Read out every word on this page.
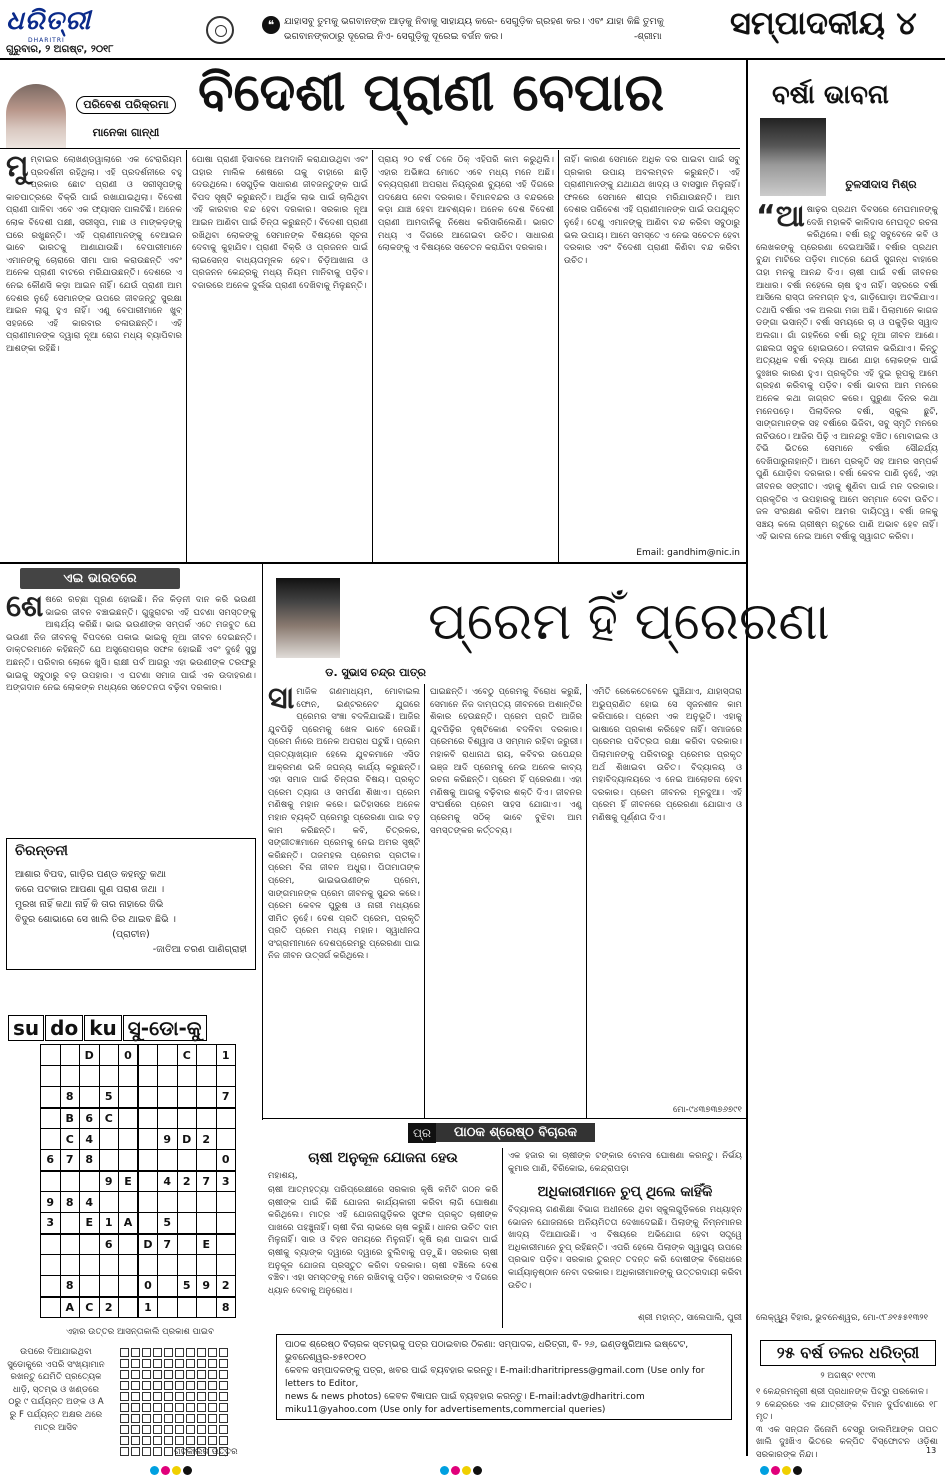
ଧରିତ୍ରୀ
DHARITRI
ଗୁରୁବାର, ୨ ଅଗଷ୍ଟ, ୨୦୧୮
❝	ଯାହାସବୁ ତୁମକୁ ଭଗବାନଙ୍କ ଆଡ଼କୁ ନିବାକୁ ସାହାଯ୍ୟ କରେ- ସେଗୁଡ଼ିକ ଗ୍ରହଣ କର। ଏବଂ ଯାହା କିଛି ତୁମକୁ ଭଗବାନଙ୍କଠାରୁ ଦୂରେଇ ନିଏ- ସେଗୁଡ଼ିକୁ ଦୂରେଇ ବର୍ଜନ କର।	-ଶ୍ରୀମା ସମ୍ପାଦକୀୟ ୪
ପରିବେଶ ପରିକ୍ରମା
ମାନେକା ଗାନ୍ଧୀ
ବିଦେଶୀ ପ୍ରାଣୀ ବେପାର
ମୁମ୍ବାଇର ଲୋଖଣ୍ଡୱାଲାରେ ଏକ ଟେରାରିୟମ ପ୍ରଦର୍ଶନୀ ରହିଥିଲା। ଏହି ପ୍ରଦର୍ଶନୀରେ ବହୁ ପ୍ରକାର ଛୋଟ ପ୍ରାଣୀ ଓ ସରୀସୃପଙ୍କୁ କାଚପାତ୍ରରେ ବିକ୍ରି ପାଇଁ ରଖାଯାଇଥିଲା। ବିଦେଶୀ ପ୍ରାଣୀ ପାଳିବା ଏବେ ଏକ ଫ୍ୟାସନ ପାଲଟିଛି। ଅନେକ ଲୋକ ବିଦେଶୀ ପକ୍ଷୀ, ସରୀସୃପ, ମାଛ ଓ ମାଙ୍କଡ଼ଙ୍କୁ ଘରେ ରଖୁଛନ୍ତି। ଏହି ପ୍ରାଣୀମାନଙ୍କୁ ବେଆଇନ ଭାବେ ଭାରତକୁ ଆଣାଯାଉଛି। ବେପାରୀମାନେ ଏମାନଙ୍କୁ ଚୋରାରେ ସୀମା ପାର କରାଉଛନ୍ତି ଏବଂ ଅନେକ ପ୍ରାଣୀ ବାଟରେ ମରିଯାଉଛନ୍ତି। ଦେଶରେ ଏ ନେଇ କୌଣସି କଡ଼ା ଆଇନ ନାହିଁ। ଯେଉଁ ପ୍ରାଣୀ ଆମ ଦେଶର ନୁହେଁ ସେମାନଙ୍କ ଉପରେ ଜୀବଜନ୍ତୁ ସୁରକ୍ଷା ଆଇନ ଲାଗୁ ହୁଏ ନାହିଁ। ଏଣୁ ବେପାରୀମାନେ ଖୁବ୍ ସହଜରେ ଏହି କାରବାର ଚଳାଉଛନ୍ତି। ଏହି ପ୍ରାଣୀମାନଙ୍କ ଦ୍ୱାରା ନୂଆ ରୋଗ ମଧ୍ୟ ବ୍ୟାପିବାର ଆଶଙ୍କା ରହିଛି।
ପୋଷା ପ୍ରାଣୀ ହିସାବରେ ଆମଦାନି କରାଯାଉଥିବା ଏବଂ ତାହାର ମାଲିକ ଶେଷରେ ତାକୁ ବାହାରେ ଛାଡ଼ି ଦେଉଥିଲେ। ସେଗୁଡ଼ିକ ସାଧାରଣ ଜୀବଜନ୍ତୁଙ୍କ ପାଇଁ ବିପଦ ସୃଷ୍ଟି କରୁଛନ୍ତି। ଆର୍ଥିକ ଲାଭ ପାଇଁ ଚାଲିଥିବା ଏହି କାରବାର ବନ୍ଦ ହେବା ଦରକାର। ସରକାର ନୂଆ ଆଇନ ଆଣିବା ପାଇଁ ଚିନ୍ତା କରୁଛନ୍ତି। ବିଦେଶୀ ପ୍ରାଣୀ ରଖିଥିବା ଲୋକଙ୍କୁ ସେମାନଙ୍କ ବିଷୟରେ ସୂଚନା ଦେବାକୁ କୁହାଯିବ। ପ୍ରାଣୀ ବିକ୍ରି ଓ ପ୍ରଜନନ ପାଇଁ ଲାଇସେନ୍ସ ବାଧ୍ୟତାମୂଳକ ହେବ। ଚିଡ଼ିଆଖାନା ଓ ପ୍ରଜନନ କେନ୍ଦ୍ରକୁ ମଧ୍ୟ ନିୟମ ମାନିବାକୁ ପଡ଼ିବ। ବଜାରରେ ଅନେକ ଦୁର୍ଲଭ ପ୍ରାଣୀ ଦେଖିବାକୁ ମିଳୁଛନ୍ତି।
ପ୍ରାୟ ୨୦ ବର୍ଷ ତଳେ ଠିକ୍ ଏହିପରି କାମ କରୁଥିଲି। ଏହାର ଅଭିଜ୍ଞତା ମୋତେ ଏବେ ମଧ୍ୟ ମନେ ଅଛି। ବନ୍ୟପ୍ରାଣୀ ଅପରାଧ ନିୟନ୍ତ୍ରଣ ବ୍ୟୁରୋ ଏହି ଦିଗରେ ପଦକ୍ଷେପ ନେବା ଦରକାର। ବିମାନବନ୍ଦର ଓ ବନ୍ଦରରେ କଡ଼ା ଯାଞ୍ଚ ହେବା ଆବଶ୍ୟକ। ଅନେକ ଦେଶ ବିଦେଶୀ ପ୍ରାଣୀ ଆମଦାନିକୁ ନିଷେଧ କରିସାରିଲେଣି। ଭାରତ ମଧ୍ୟ ଏ ଦିଗରେ ଆଗେଇବା ଉଚିତ। ସାଧାରଣ ଲୋକଙ୍କୁ ଏ ବିଷୟରେ ସଚେତନ କରାଯିବା ଦରକାର।
ନାହିଁ। କାରଣ ସେମାନେ ଅଧିକ ଦର ପାଇବା ପାଇଁ ସବୁ ପ୍ରକାର ଉପାୟ ଅବଲମ୍ବନ କରୁଛନ୍ତି। ଏହି ପ୍ରାଣୀମାନଙ୍କୁ ଯଥାଯଥ ଖାଦ୍ୟ ଓ ବାସସ୍ଥାନ ମିଳୁନାହିଁ। ଫଳରେ ସେମାନେ ଶୀଘ୍ର ମରିଯାଉଛନ୍ତି। ଆମ ଦେଶର ପରିବେଶ ଏହି ପ୍ରାଣୀମାନଙ୍କ ପାଇଁ ଉପଯୁକ୍ତ ନୁହେଁ। ତେଣୁ ଏମାନଙ୍କୁ ଆଣିବା ବନ୍ଦ କରିବା ସବୁଠାରୁ ଭଲ ଉପାୟ। ଆମେ ସମସ୍ତେ ଏ ନେଇ ସଚେତନ ହେବା ଦରକାର ଏବଂ ବିଦେଶୀ ପ୍ରାଣୀ କିଣିବା ବନ୍ଦ କରିବା ଉଚିତ।
Email: gandhim@nic.in
ବର୍ଷା ଭାବନା
ତୁଳସୀଦାସ ମିଶ୍ର
“ଆଷାଢ଼ର ପ୍ରଥମ ଦିବସରେ ମେଘମାନଙ୍କୁ ଦେଖି ମହାକବି କାଳିଦାସ ମେଘଦୂତ ରଚନା କରିଥିଲେ। ବର୍ଷା ଋତୁ ସବୁବେଳେ କବି ଓ ଲେଖକଙ୍କୁ ପ୍ରେରଣା ଦେଇଆସିଛି। ବର୍ଷାର ପ୍ରଥମ ବୁନ୍ଦା ମାଟିରେ ପଡ଼ିବା ମାତ୍ରେ ଯେଉଁ ସୁଗନ୍ଧ ବାହାରେ ତାହା ମନକୁ ଆନନ୍ଦ ଦିଏ। ଚାଷୀ ପାଇଁ ବର୍ଷା ଜୀବନର ଆଧାର। ବର୍ଷା ନହେଲେ ଚାଷ ହୁଏ ନାହିଁ। ସହରରେ ବର୍ଷା ଆସିଲେ ରାସ୍ତା ଜଳମଗ୍ନ ହୁଏ, ଗାଡ଼ିଘୋଡ଼ା ଅଟକିଯାଏ। ତଥାପି ବର୍ଷାର ଏକ ଅଲଗା ମଜା ଅଛି। ପିଲାମାନେ କାଗଜ ଡଙ୍ଗା ଭସାନ୍ତି। ବର୍ଷା ସମୟରେ ଚା ଓ ପକୁଡ଼ିର ସ୍ୱାଦ ଅଲଗା। ଗାଁ ଗହଳିରେ ବର୍ଷା ଋତୁ ନୂଆ ଜୀବନ ଆଣେ। ଗଛଲତା ସବୁଜ ହୋଇଉଠେ। ନଦୀନାଳ ଭରିଯାଏ। କିନ୍ତୁ ଅତ୍ୟଧିକ ବର୍ଷା ବନ୍ୟା ଆଣେ ଯାହା ଲୋକଙ୍କ ପାଇଁ ଦୁଃଖର କାରଣ ହୁଏ। ପ୍ରକୃତିର ଏହି ଦୁଇ ରୂପକୁ ଆମେ ଗ୍ରହଣ କରିବାକୁ ପଡ଼ିବ। ବର୍ଷା ଭାବନା ଆମ ମନରେ ଅନେକ କଥା ଜାଗ୍ରତ କରେ। ପୁରୁଣା ଦିନର କଥା ମନେପଡ଼େ। ପିଲାଦିନର ବର୍ଷା, ସ୍କୁଲ ଛୁଟି, ସାଙ୍ଗମାନଙ୍କ ସହ ବର୍ଷାରେ ଭିଜିବା, ସବୁ ସ୍ମୃତି ମନରେ ନାଚିଉଠେ। ଆଜିର ପିଢ଼ି ଏ ଆନନ୍ଦରୁ ବଞ୍ଚିତ। ମୋବାଇଲ ଓ ଟିଭି ଭିତରେ ସେମାନେ ବର୍ଷାର ସୌନ୍ଦର୍ଯ୍ୟ ଦେଖିପାରୁନାହାନ୍ତି। ଆମେ ପ୍ରକୃତି ସହ ଆମର ସମ୍ପର୍କ ପୁଣି ଯୋଡ଼ିବା ଦରକାର। ବର୍ଷା କେବଳ ପାଣି ନୁହେଁ, ଏହା ଜୀବନର ସଙ୍ଗୀତ। ଏହାକୁ ଶୁଣିବା ପାଇଁ ମନ ଦରକାର। ପ୍ରକୃତିର ଏ ଉପହାରକୁ ଆମେ ସମ୍ମାନ ଦେବା ଉଚିତ। ଜଳ ସଂରକ୍ଷଣ କରିବା ଆମର ଦାୟିତ୍ୱ। ବର୍ଷା ଜଳକୁ ସଞ୍ଚୟ କଲେ ଗ୍ରୀଷ୍ମ ଋତୁରେ ପାଣି ଅଭାବ ହେବ ନାହିଁ। ଏହି ଭାବନା ନେଇ ଆମେ ବର୍ଷାକୁ ସ୍ୱାଗତ କରିବା।
ଲେକ୍ୱ୍ୟୁ ବିହାର, ଭୁବନେଶ୍ୱର, ମୋ-୯୮୬୧୫୫୧୩୨୧
୨୫ ବର୍ଷ ତଳର ଧରିତ୍ରୀ
୨ ଅଗଷ୍ଟ ୧୯୯୩
୧ କେନ୍ଦ୍ରମନ୍ତ୍ରୀ ଶ୍ରୀ ପ୍ରଧାନଙ୍କ ପିଟ୍‌ରୁ ପରକୋଳ।
୨ କେନ୍ଦ୍ରରେ ଏକ ଯାତ୍ରୀଙ୍କ ବିମାନ ଦୁର୍ଘଟଣାରେ ୧୮ ମୃତ।
୩ ଏକ ସନ୍ତାନ ଜିନୋମି ବେସରୁ ଡାଲମିଆଙ୍କ ତାପତ ଖାଲି ଦୁଃଖିଏ ଭିତରେ କଳ୍ପିତ ବିସ୍ଫୋଟନ ଓଡ଼ିଶା ସରକାରଙ୍କ ନିନ୍ଦା।
ଏଇ ଭାରତରେ
ଶେଷରେ ରଚ୍ଛା ପୂରଣ ହୋଇଛି। ନିଜ କିଡ଼ନୀ ଦାନ କରି ଭଉଣୀ ଭାଇର ଜୀବନ ବଞ୍ଚାଇଛନ୍ତି। ଗୁଜୁରାଟର ଏହି ଘଟଣା ସମସ୍ତଙ୍କୁ ଆଶ୍ଚର୍ଯ୍ୟ କରିଛି। ଭାଇ ଭଉଣୀଙ୍କ ସମ୍ପର୍କ ଏତେ ମଜବୁତ ଯେ ଭଉଣୀ ନିଜ ଜୀବନକୁ ବିପଦରେ ପକାଇ ଭାଇକୁ ନୂଆ ଜୀବନ ଦେଇଛନ୍ତି। ଡାକ୍ତରମାନେ କହିଛନ୍ତି ଯେ ଅସ୍ତ୍ରୋପଚାର ସଫଳ ହୋଇଛି ଏବଂ ଦୁହେଁ ସୁସ୍ଥ ଅଛନ୍ତି। ପରିବାର ଲୋକେ ଖୁସି। ରାକ୍ଷୀ ପର୍ବ ଆଗରୁ ଏହା ଭଉଣୀଙ୍କ ତରଫରୁ ଭାଇକୁ ସବୁଠାରୁ ବଡ଼ ଉପହାର। ଏ ଘଟଣା ସମାଜ ପାଇଁ ଏକ ଉଦାହରଣ। ଅଙ୍ଗଦାନ ନେଇ ଲୋକଙ୍କ ମଧ୍ୟରେ ସଚେତନତା ବଢ଼ିବା ଦରକାର।
ଚିରନ୍ତନୀ
ଆଶାର ବିପଦ, ଗାଡ଼ିର ପଣ୍ଡ କହନ୍ତୁ କଥା
କରେ ପଟକାର ଆପଣା ଗୁଣ ପରାଶ ଜଥା ।
ମୁରଖ ନାହିଁ କଥା ନାହିଁ କି ତାର ନାହାରେ ଜିଭି
ବିଦୁର ଶୋଭାରେ ସେ ଖାଲି ତିର ଥାଇବ ଛିଭି ।
(ପ୍ରାଚୀନ)
-ଜାତିଆ ଚରଣ ପାଣିଗ୍ରାହୀ
su do ku ସୁ-ଡୋ-କୁ
		D		0			C		1

	8		5						7
	B	6	C						
	C	4				9	D	2	
6	7	8							0
			9	E		4	2	7	3
9	8	4							
3		E	1	A		5			
			6		D	7		E	

	8				0		5	9	2
	A	C	2		1				8
ଏହାର ଉତ୍ତର ଆସନ୍ତାକାଲି ପ୍ରକାଶ ପାଇବ
ଉପରେ ଦିଆଯାଇଥିବା ସୁଡୋକୁରେ ଏପରି ସଂଖ୍ୟାମାନ ରଖନ୍ତୁ ଯେମିତି ପ୍ରତ୍ୟେକ ଧାଡ଼ି, ସ୍ତମ୍ଭ ଓ ଖଣ୍ଡରେ ୦ରୁ ୯ ପର୍ଯ୍ୟନ୍ତ ଅଙ୍କ ଓ A ରୁ F ପର୍ଯ୍ୟନ୍ତ ଅକ୍ଷର ଥରେ ମାତ୍ର ଆସିବ

ଗତକାଲିର ଉତ୍ତର
ଡ. ସୁଭାସ ଚନ୍ଦ୍ର ପାତ୍ର
ପ୍ରେମ ହିଁ ପ୍ରେରଣା
ସାମାଜିକ ଗଣମାଧ୍ୟମ, ମୋବାଇଲ ଫୋନ, ଇଣ୍ଟରନେଟ ଯୁଗରେ ପ୍ରେମର ସଂଜ୍ଞା ବଦଳିଯାଇଛି। ଆଜିର ଯୁବପିଢ଼ି ପ୍ରେମକୁ ଖେଳ ଭାବେ ନେଉଛି। ପ୍ରେମ ନାଁରେ ଅନେକ ଅପରାଧ ଘଟୁଛି। ପ୍ରେମ ପ୍ରତ୍ୟାଖ୍ୟାନ ହେଲେ ଯୁବକମାନେ ଏସିଡ ଆକ୍ରମଣ ଭଳି ଜଘନ୍ୟ କାର୍ଯ୍ୟ କରୁଛନ୍ତି। ଏହା ସମାଜ ପାଇଁ ଚିନ୍ତାର ବିଷୟ। ପ୍ରକୃତ ପ୍ରେମ ତ୍ୟାଗ ଓ ସମର୍ପଣ ଶିଖାଏ। ପ୍ରେମ ମଣିଷକୁ ମହାନ କରେ। ଇତିହାସରେ ଅନେକ ମହାନ ବ୍ୟକ୍ତି ପ୍ରେମରୁ ପ୍ରେରଣା ପାଇ ବଡ଼ କାମ କରିଛନ୍ତି। କବି, ଚିତ୍ରକର, ସଙ୍ଗୀତଜ୍ଞମାନେ ପ୍ରେମକୁ ନେଇ ଅମର ସୃଷ୍ଟି କରିଛନ୍ତି। ତାଜମହଲ ପ୍ରେମର ପ୍ରତୀକ। ପ୍ରେମ ବିନା ଜୀବନ ଅଧୁରା। ପିତାମାତାଙ୍କ ପ୍ରେମ, ଭାଇଭଉଣୀଙ୍କ ପ୍ରେମ, ସାଙ୍ଗମାନଙ୍କ ପ୍ରେମ ଜୀବନକୁ ସୁନ୍ଦର କରେ। ପ୍ରେମ କେବଳ ପୁରୁଷ ଓ ନାରୀ ମଧ୍ୟରେ ସୀମିତ ନୁହେଁ। ଦେଶ ପ୍ରତି ପ୍ରେମ, ପ୍ରକୃତି ପ୍ରତି ପ୍ରେମ ମଧ୍ୟ ମହାନ। ସ୍ୱାଧୀନତା ସଂଗ୍ରାମୀମାନେ ଦେଶପ୍ରେମରୁ ପ୍ରେରଣା ପାଇ ନିଜ ଜୀବନ ଉତ୍ସର୍ଗ କରିଥିଲେ।
ଘାଇଛନ୍ତି। ଏବେଠୁ ପ୍ରେମକୁ ବିରୋଧ କରୁଛି, ସେମାନେ ନିଜ ଦାମ୍ପତ୍ୟ ଜୀବନରେ ଅଶାନ୍ତିର ଶିକାର ହେଉଛନ୍ତି। ପ୍ରେମ ପ୍ରତି ଆଜିର ଯୁବପିଢ଼ିର ଦୃଷ୍ଟିକୋଣ ବଦଳିବା ଦରକାର। ପ୍ରେମରେ ବିଶ୍ୱାସ ଓ ସମ୍ମାନ ରହିବା ଜରୁରୀ। ମହାକବି ରାଧାନାଥ ରାୟ, କବିବର ଉପେନ୍ଦ୍ର ଭଞ୍ଜ ଆଦି ପ୍ରେମକୁ ନେଇ ଅନେକ କାବ୍ୟ ରଚନା କରିଛନ୍ତି। ପ୍ରେମ ହିଁ ପ୍ରେରଣା। ଏହା ମଣିଷକୁ ଆଗକୁ ବଢ଼ିବାର ଶକ୍ତି ଦିଏ। ଜୀବନର ସଂଘର୍ଷରେ ପ୍ରେମ ସାହସ ଯୋଗାଏ। ଏଣୁ ପ୍ରେମକୁ ସଠିକ୍ ଭାବେ ବୁଝିବା ଆମ ସମସ୍ତଙ୍କର କର୍ତ୍ତବ୍ୟ।
ଏମିତି ରେକେତେବେଳେ ଘୁଞ୍ଚିଯାଏ, ଯାହାସ୍ତାରା ଅଭୁପ୍ରାଣିତ ହୋଇ ସେ ସୃଜନଶୀଳ କାମ କରିପାରେ। ପ୍ରେମ ଏକ ଅନୁଭୂତି। ଏହାକୁ ଭାଷାରେ ପ୍ରକାଶ କରିହେବ ନାହିଁ। ସମାଜରେ ପ୍ରେମର ପବିତ୍ରତା ରକ୍ଷା କରିବା ଦରକାର। ପିଲାମାନଙ୍କୁ ପରିବାରରୁ ପ୍ରେମର ପ୍ରକୃତ ଅର୍ଥ ଶିଖାଇବା ଉଚିତ। ବିଦ୍ୟାଳୟ ଓ ମହାବିଦ୍ୟାଳୟରେ ଏ ନେଇ ଆଲୋଚନା ହେବା ଦରକାର। ପ୍ରେମ ଜୀବନର ମୂଳଦୁଆ। ଏହି ପ୍ରେମ ହିଁ ଜୀବନରେ ପ୍ରେରଣା ଯୋଗାଏ ଓ ମଣିଷକୁ ପୂର୍ଣ୍ଣତା ଦିଏ।
ମୋ-୯୪୩୭୩୭୬୭୯୧
ପ୍ର ପାଠକ ଶ୍ରେଷ୍ଠ ବିଚାରକ
ଚାଷୀ ଅନୁକୂଳ ଯୋଜନା ହେଉ
ମହାଶୟ,
ଚାଷୀ ଆତ୍ମହତ୍ୟା ପରିପ୍ରେକ୍ଷୀରେ ସରକାର କୃଷି କମିଟି ଗଠନ କରି ଚାଷୀଙ୍କ ପାଇଁ କିଛି ଯୋଜନା କାର୍ଯ୍ୟକାରୀ କରିବା ଲାଗି ଘୋଷଣା କରିଥିଲେ। ମାତ୍ର ଏହି ଯୋଜନାଗୁଡ଼ିକର ସୁଫଳ ପ୍ରକୃତ ଚାଷୀଙ୍କ ପାଖରେ ପହଞ୍ଚୁନାହିଁ। ଚାଷୀ ବିନା ଲାଭରେ ଚାଷ କରୁଛି। ଧାନର ଉଚିତ ଦାମ ମିଳୁନାହିଁ। ସାର ଓ ବିହନ ସମୟରେ ମିଳୁନାହିଁ। କୃଷି ଋଣ ପାଇବା ପାଇଁ ଚାଷୀକୁ ବ୍ୟାଙ୍କ ଦ୍ୱାରେ ଦ୍ୱାରେ ବୁଲିବାକୁ ପଡ଼ୁଛି। ସରକାର ଚାଷୀ ଅନୁକୂଳ ଯୋଜନା ପ୍ରସ୍ତୁତ କରିବା ଦରକାର। ଚାଷୀ ବଞ୍ଚିଲେ ଦେଶ ବଞ୍ଚିବ। ଏହା ସମସ୍ତଙ୍କୁ ମନେ ରଖିବାକୁ ପଡ଼ିବ। ସରକାରଙ୍କ ଏ ଦିଗରେ ଧ୍ୟାନ ଦେବାକୁ ଅନୁରୋଧ।
ଏକ ହଜାର କା ଚାଷୀଙ୍କ ଟଙ୍କାର ବୋନସ ଘୋଷଣା କରନ୍ତୁ। ନିର୍ଭୟ କୁମାର ପାଣି, ବିରିକୋଇ, କେନ୍ଦ୍ରାପଡ଼ା
ଅଧିକାରୀମାନେ ଚୁପ୍ ଥିଲେ କାହିଁକି
ବିଦ୍ୟାଳୟ ଗଣଶିକ୍ଷା ବିଭାଗ ଅଧୀନରେ ଥିବା ସ୍କୁଲଗୁଡ଼ିକରେ ମଧ୍ୟାହ୍ନ ଭୋଜନ ଯୋଜନାରେ ଅନିୟମିତତା ଦେଖାଦେଇଛି। ପିଲାଙ୍କୁ ନିମ୍ନମାନର ଖାଦ୍ୟ ଦିଆଯାଉଛି। ଏ ବିଷୟରେ ଅଭିଯୋଗ ହେବା ସତ୍ତ୍ୱେ ଅଧିକାରୀମାନେ ଚୁପ୍ ରହିଛନ୍ତି। ଏପରି ହେଲେ ପିଲାଙ୍କ ସ୍ୱାସ୍ଥ୍ୟ ଉପରେ ପ୍ରଭାବ ପଡ଼ିବ। ସରକାର ତୁରନ୍ତ ତଦନ୍ତ କରି ଦୋଷୀଙ୍କ ବିରୋଧରେ କାର୍ଯ୍ୟାନୁଷ୍ଠାନ ନେବା ଦରକାର। ଅଧିକାରୀମାନଙ୍କୁ ଉତ୍ତରଦାୟୀ କରିବା ଉଚିତ।
ଶ୍ରୀ ମହାନ୍ତ, ସାଲେପାଲି, ପୁରୀ
ପାଠକ ଶ୍ରେଷ୍ଠ ବିଚାରକ ସ୍ତମ୍ଭକୁ ପତ୍ର ପଠାଇବାର ଠିକଣା: ସମ୍ପାଦକ, ଧରିତ୍ରୀ, ବି- ୨୬, ଇଣ୍ଡଷ୍ଟ୍ରିଆଲ ଇଷ୍ଟେଟ, ଭୁବନେଶ୍ୱର-୭୫୧୦୧୦
କେବଳ ସମ୍ପାଦକଙ୍କୁ ପତ୍ର, ଖବର ପାଇଁ ବ୍ୟବହାର କରନ୍ତୁ। E-mail:dharitripress@gmail.com (Use only for letters to Editor,
news & news photos) କେବଳ ବିଜ୍ଞାପନ ପାଇଁ ବ୍ୟବହାର କରନ୍ତୁ। E-mail:advt@dharitri.com
miku11@yahoo.com (Use only for advertisements,commercial queries)
13
